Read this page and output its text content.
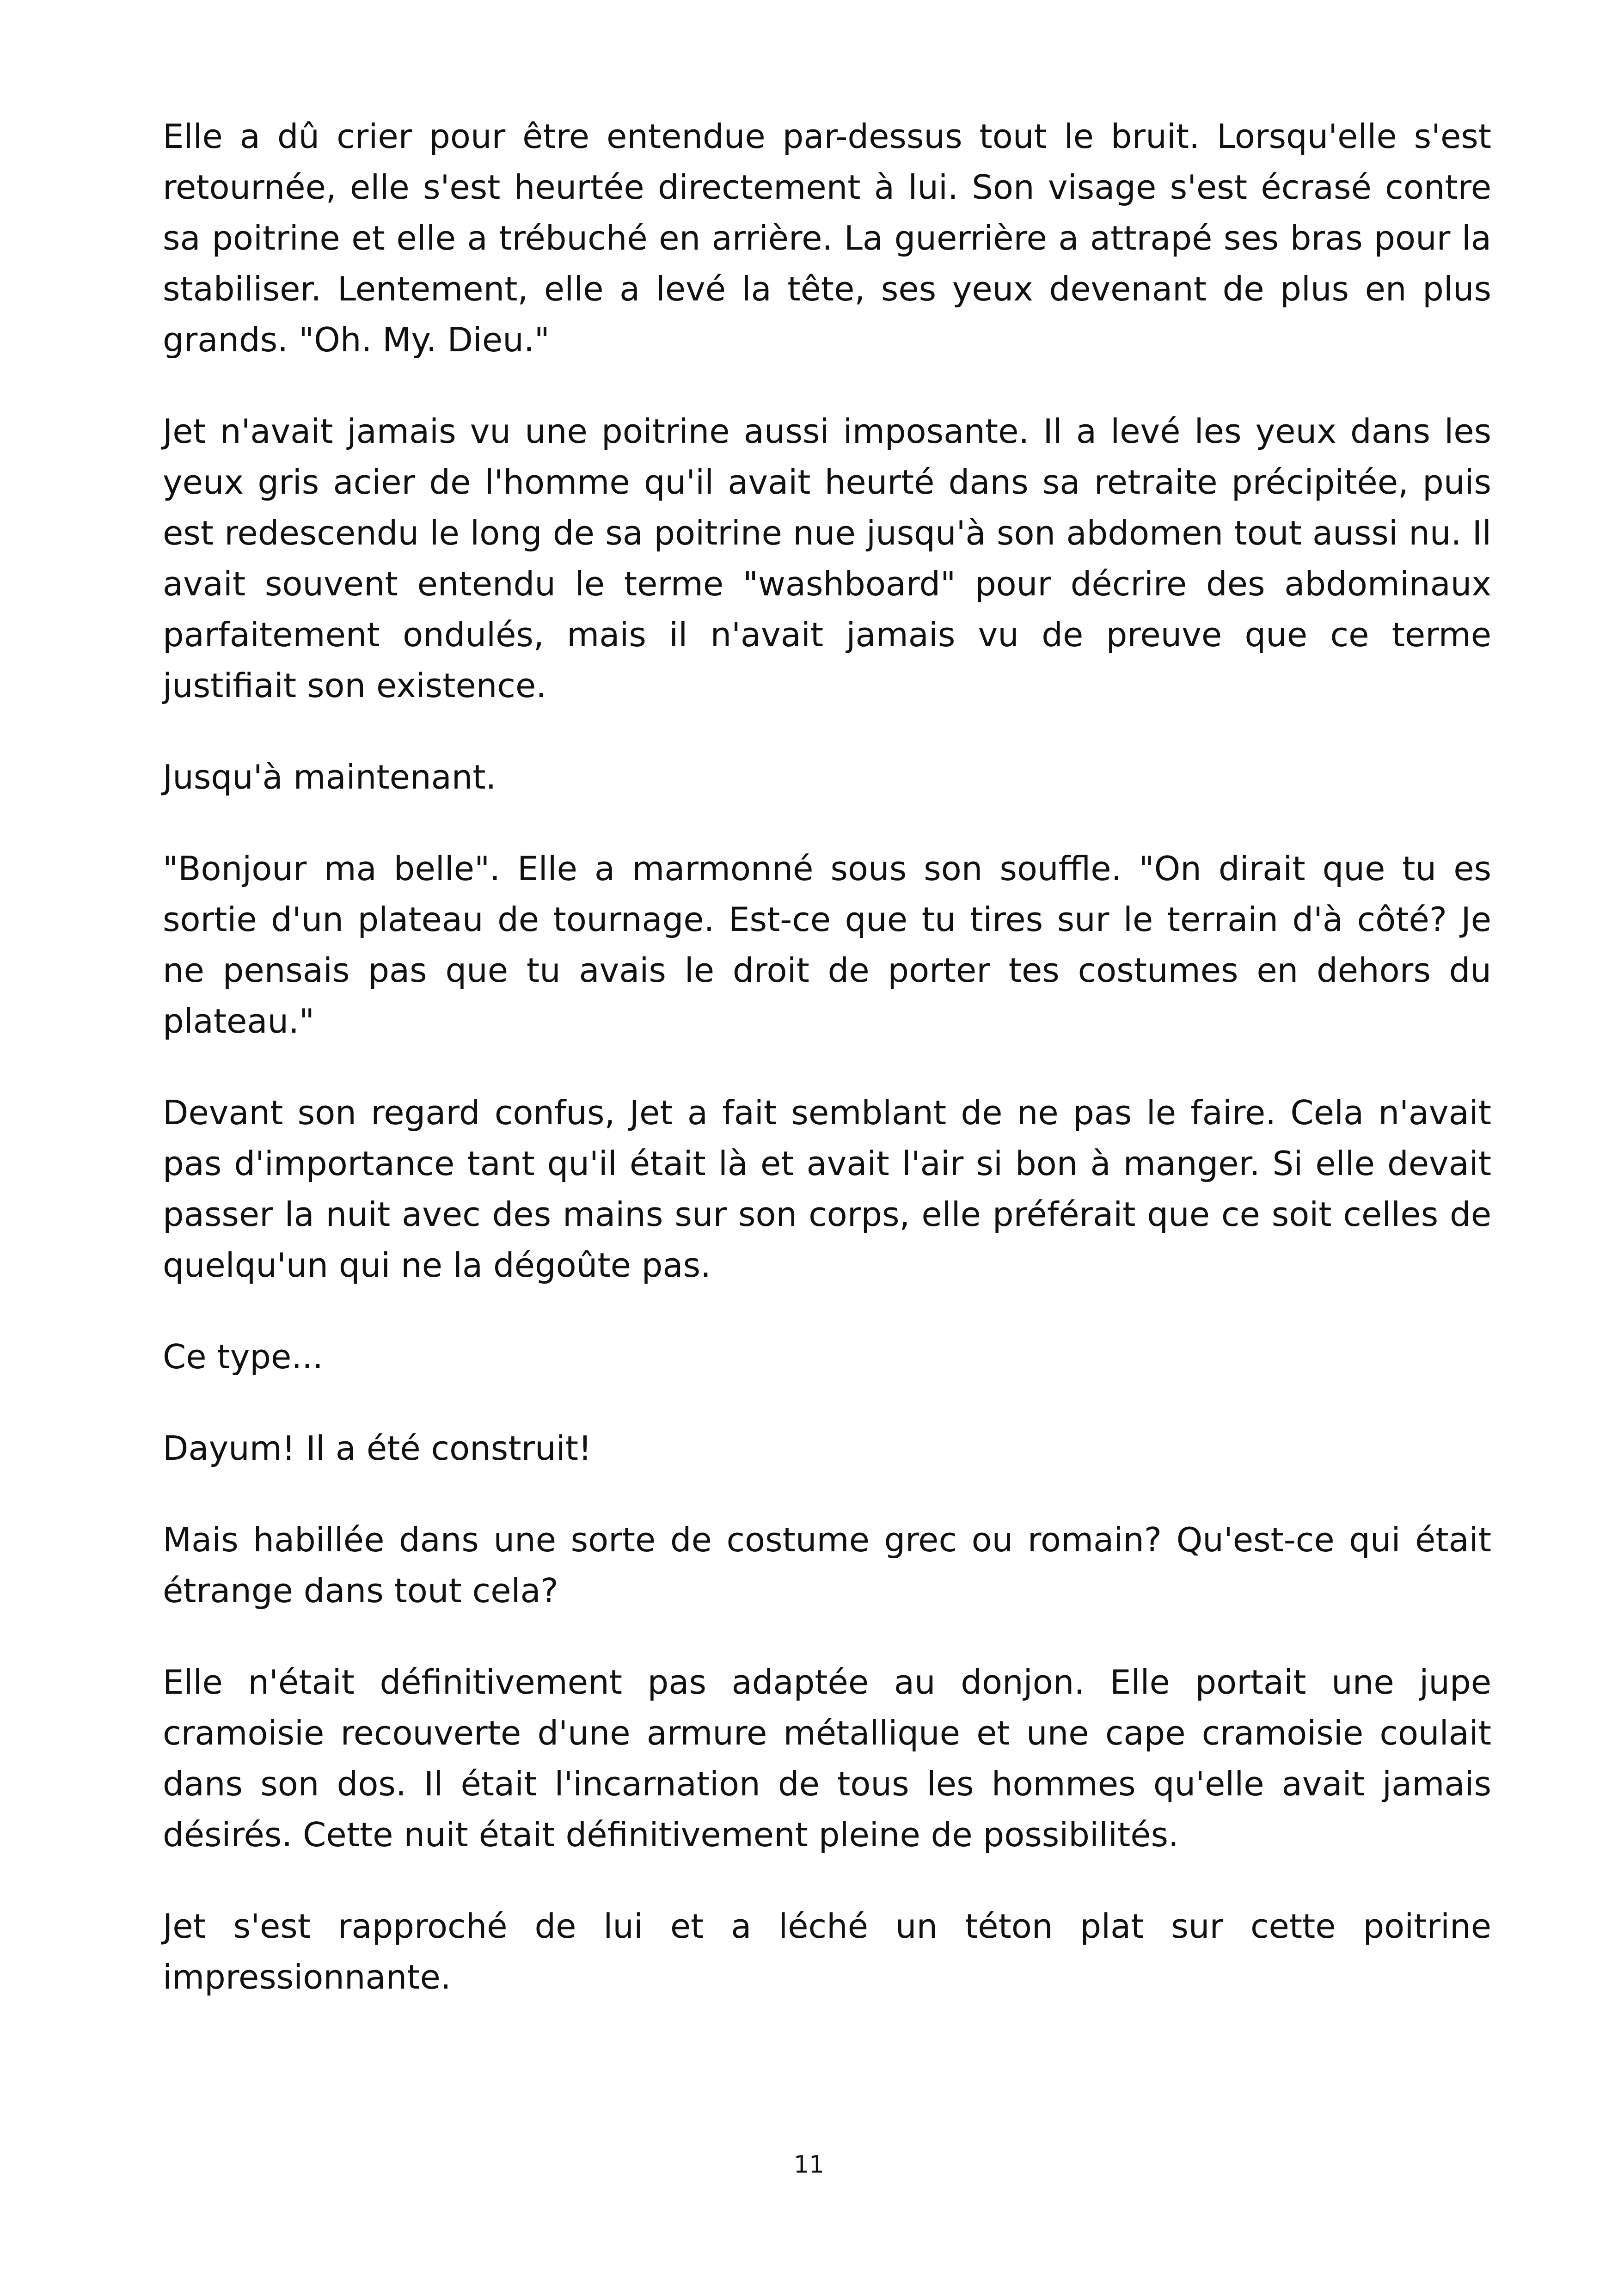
Elle a dû crier pour être entendue par-dessus tout le bruit. Lorsqu'elle s'est retournée, elle s'est heurtée directement à lui. Son visage s'est écrasé contre sa poitrine et elle a trébuché en arrière. La guerrière a attrapé ses bras pour la stabiliser. Lentement, elle a levé la tête, ses yeux devenant de plus en plus grands. "Oh. My. Dieu."

Jet n'avait jamais vu une poitrine aussi imposante. Il a levé les yeux dans les yeux gris acier de l'homme qu'il avait heurté dans sa retraite précipitée, puis est redescendu le long de sa poitrine nue jusqu'à son abdomen tout aussi nu. Il avait souvent entendu le terme "washboard" pour décrire des abdominaux parfaitement ondulés, mais il n'avait jamais vu de preuve que ce terme justifiait son existence.

Jusqu'à maintenant.

"Bonjour ma belle". Elle a marmonné sous son souffle. "On dirait que tu es sortie d'un plateau de tournage. Est-ce que tu tires sur le terrain d'à côté? Je ne pensais pas que tu avais le droit de porter tes costumes en dehors du plateau."

Devant son regard confus, Jet a fait semblant de ne pas le faire. Cela n'avait pas d'importance tant qu'il était là et avait l'air si bon à manger. Si elle devait passer la nuit avec des mains sur son corps, elle préférait que ce soit celles de quelqu'un qui ne la dégoûte pas.

Ce type...

Dayum! Il a été construit!

Mais habillée dans une sorte de costume grec ou romain? Qu'est-ce qui était étrange dans tout cela?

Elle n'était définitivement pas adaptée au donjon. Elle portait une jupe cramoisie recouverte d'une armure métallique et une cape cramoisie coulait dans son dos. Il était l'incarnation de tous les hommes qu'elle avait jamais désirés. Cette nuit était définitivement pleine de possibilités.

Jet s'est rapproché de lui et a léché un téton plat sur cette poitrine impressionnante.

11
